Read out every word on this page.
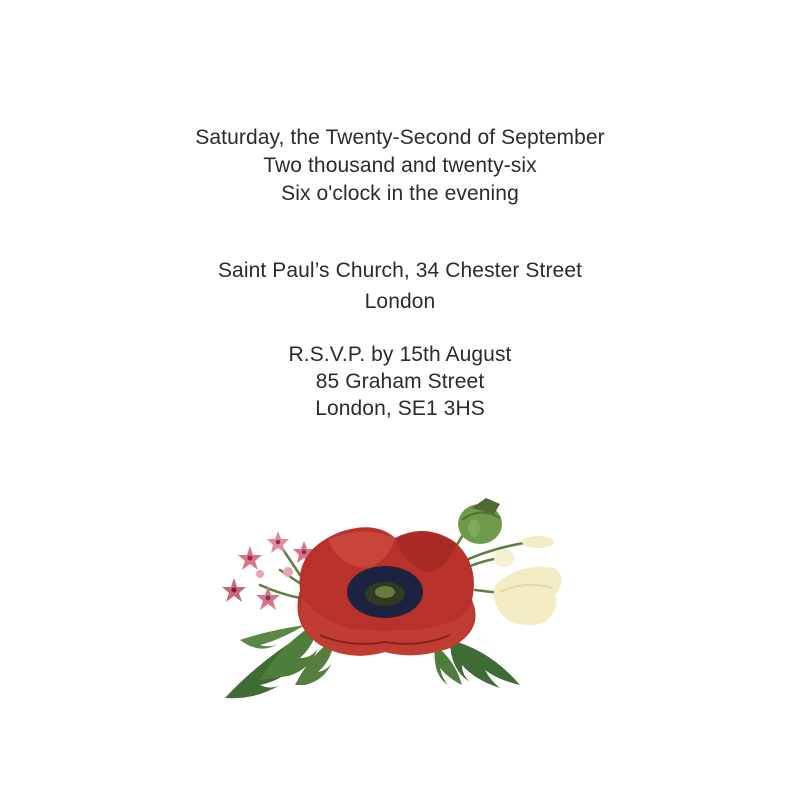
Saturday, the Twenty-Second of September
Two thousand and twenty-six
Six o'clock in the evening
Saint Paul’s Church, 34 Chester Street
London
R.S.V.P. by 15th August
85 Graham Street
London, SE1 3HS
